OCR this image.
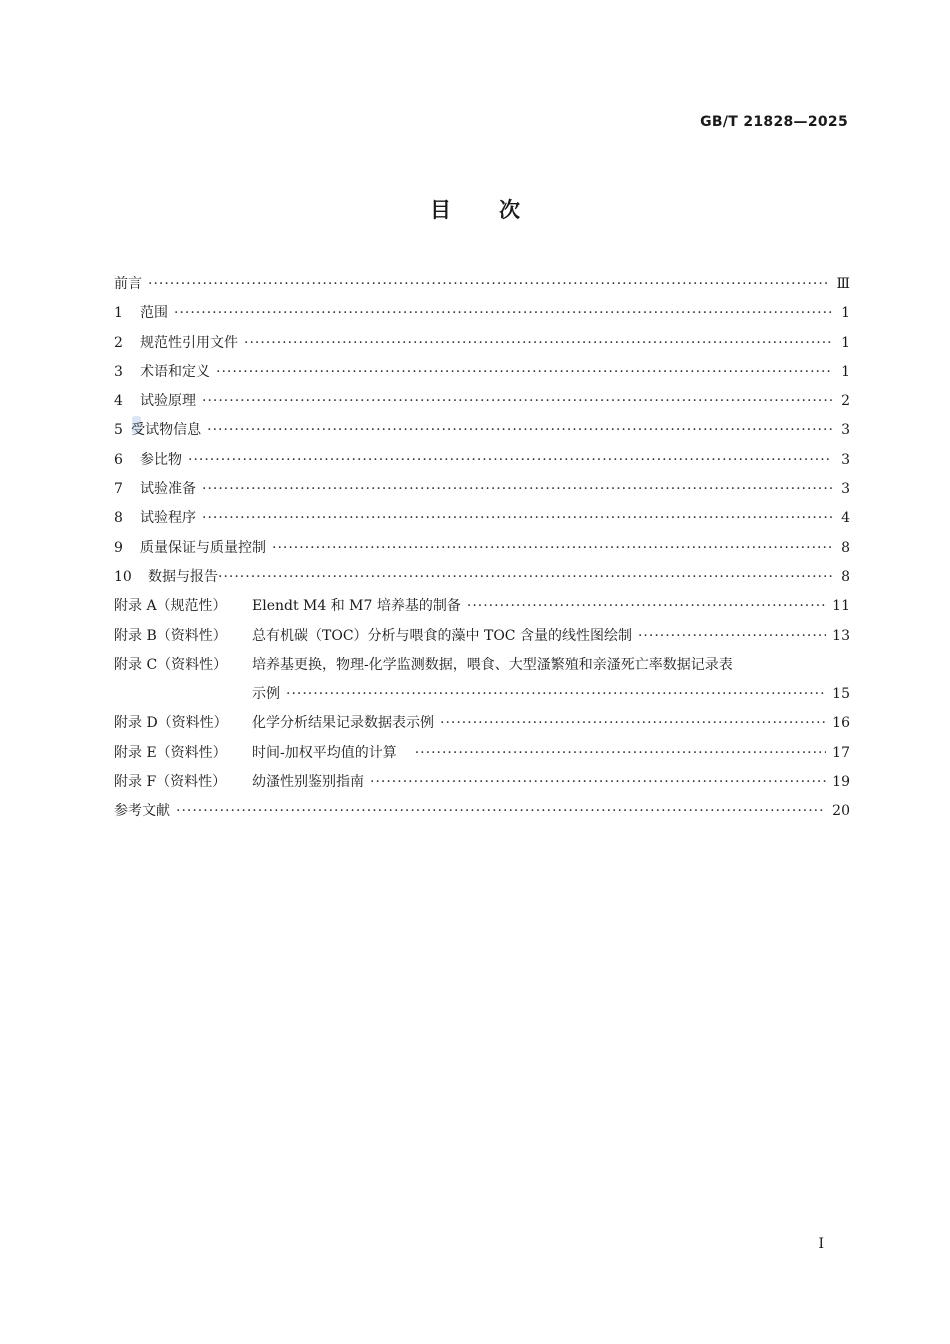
GB/T 21828—2025
目次
前言 ·····	Ⅲ
1	范围 ·····	1
2	规范性引用文件 ·····	1
3	术语和定义 ·····	1
4	试验原理 ·····	2
5 受试物信息 ·····	3
6	参比物 ·····	3
7	试验准备 ·····	3
8	试验程序 ·····	4
9	质量保证与质量控制 ·····	8
10	数据与报告 ·····	8
附录 A（规范性）	Elendt M4 和 M7 培养基的制备 ·····	11
附录 B（资料性）	总有机碳（TOC）分析与喂食的藻中 TOC 含量的线性图绘制 ·····	13
附录 C（资料性）	培养基更换，物理-化学监测数据，喂食、大型溞繁殖和亲溞死亡率数据记录表
示例 ·····	15
附录 D（资料性）	化学分析结果记录数据表示例 ·····	16
附录 E（资料性）	时间-加权平均值的计算 ·····	17
附录 F（资料性）	幼溞性别鉴别指南 ·····	19
参考文献 ·····	20
I
